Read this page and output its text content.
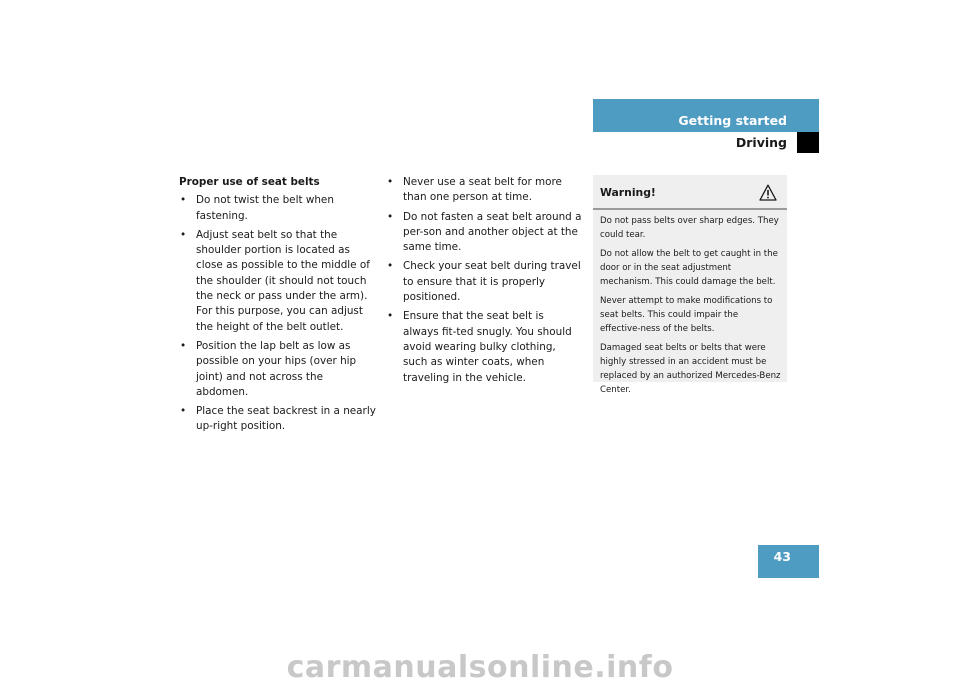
Getting started
Driving
Proper use of seat belts
• Do not twist the belt when fastening.
• Adjust seat belt so that the shoulder portion is located as close as possible to the middle of the shoulder (it should not touch the neck or pass under the arm). For this purpose, you can adjust the height of the belt outlet.
• Position the lap belt as low as possible on your hips (over hip joint) and not across the abdomen.
• Place the seat backrest in a nearly up-right position.
• Never use a seat belt for more than one person at time.
• Do not fasten a seat belt around a per-son and another object at the same time.
• Check your seat belt during travel to ensure that it is properly positioned.
• Ensure that the seat belt is always fit-ted snugly. You should avoid wearing bulky clothing, such as winter coats, when traveling in the vehicle.
Warning!

Do not pass belts over sharp edges. They could tear.

Do not allow the belt to get caught in the door or in the seat adjustment mechanism. This could damage the belt.

Never attempt to make modifications to seat belts. This could impair the effective-ness of the belts.

Damaged seat belts or belts that were highly stressed in an accident must be replaced by an authorized Mercedes-Benz Center.

43
carmanualsonline.info
